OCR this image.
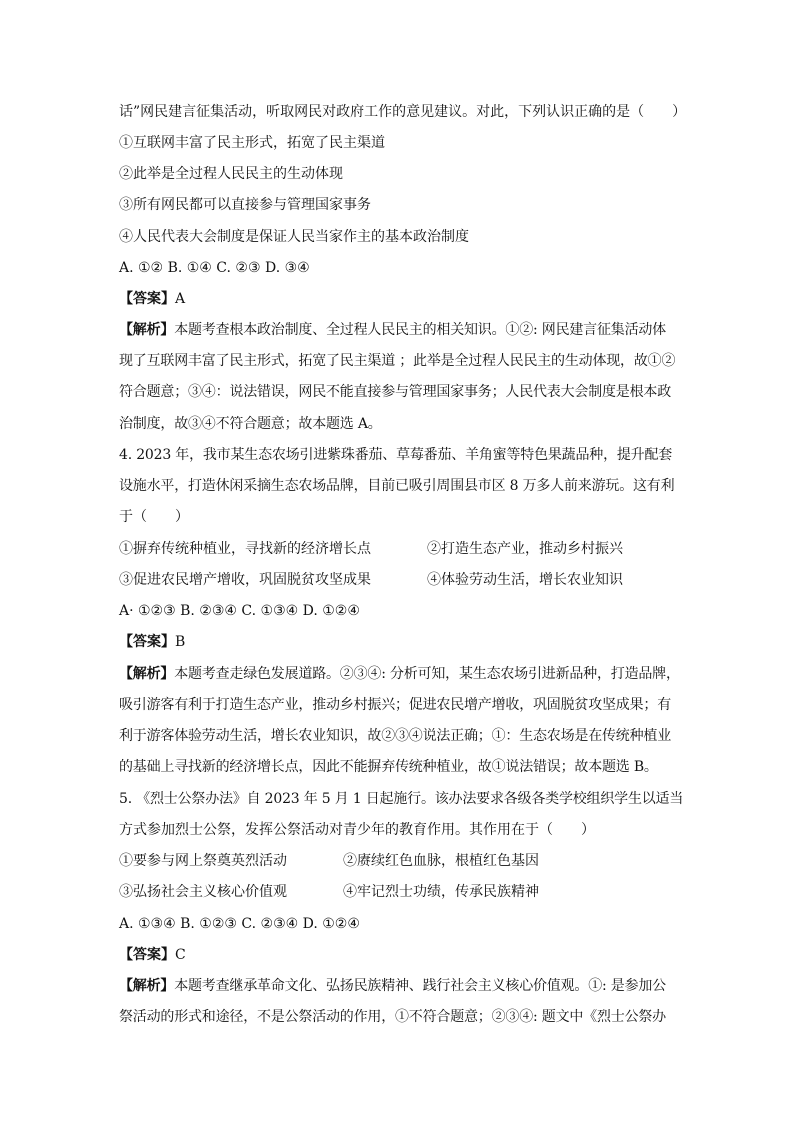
话”网民建言征集活动，听取网民对政府工作的意见建议。对此，下列认识正确的是（　　）
①互联网丰富了民主形式，拓宽了民主渠道
②此举是全过程人民民主的生动体现
③所有网民都可以直接参与管理国家事务
④人民代表大会制度是保证人民当家作主的基本政治制度
A. ①② B. ①④ C. ②③ D. ③④
【答案】A
【解析】本题考查根本政治制度、全过程人民民主的相关知识。①②: 网民建言征集活动体
现了互联网丰富了民主形式，拓宽了民主渠道 ；此举是全过程人民民主的生动体现，故①②
符合题意；③④：说法错误，网民不能直接参与管理国家事务；人民代表大会制度是根本政
治制度，故③④不符合题意；故本题选 A。
4. 2023 年，我市某生态农场引进紫珠番茄、草莓番茄、羊角蜜等特色果蔬品种，提升配套
设施水平，打造休闲采摘生态农场品牌，目前已吸引周围县市区 8 万多人前来游玩。这有利
于（　　）
①摒弃传统种植业，寻找新的经济增长点	②打造生态产业，推动乡村振兴
③促进农民增产增收，巩固脱贫攻坚成果	④体验劳动生活，增长农业知识
A· ①②③ B. ②③④ C. ①③④ D. ①②④
【答案】B
【解析】本题考查走绿色发展道路。②③④: 分析可知，某生态农场引进新品种，打造品牌，
吸引游客有利于打造生态产业，推动乡村振兴；促进农民增产增收，巩固脱贫攻坚成果；有
利于游客体验劳动生活，增长农业知识，故②③④说法正确；①：生态农场是在传统种植业
的基础上寻找新的经济增长点，因此不能摒弃传统种植业，故①说法错误；故本题选 B。
5. 《烈士公祭办法》自 2023 年 5 月 1 日起施行。该办法要求各级各类学校组织学生以适当
方式参加烈士公祭，发挥公祭活动对青少年的教育作用。其作用在于（　　）
①要参与网上祭奠英烈活动	②赓续红色血脉，根植红色基因
③弘扬社会主义核心价值观	④牢记烈士功绩，传承民族精神
A. ①③④ B. ①②③ C. ②③④ D. ①②④
【答案】C
【解析】本题考查继承革命文化、弘扬民族精神、践行社会主义核心价值观。①: 是参加公
祭活动的形式和途径，不是公祭活动的作用，①不符合题意；②③④: 题文中《烈士公祭办
